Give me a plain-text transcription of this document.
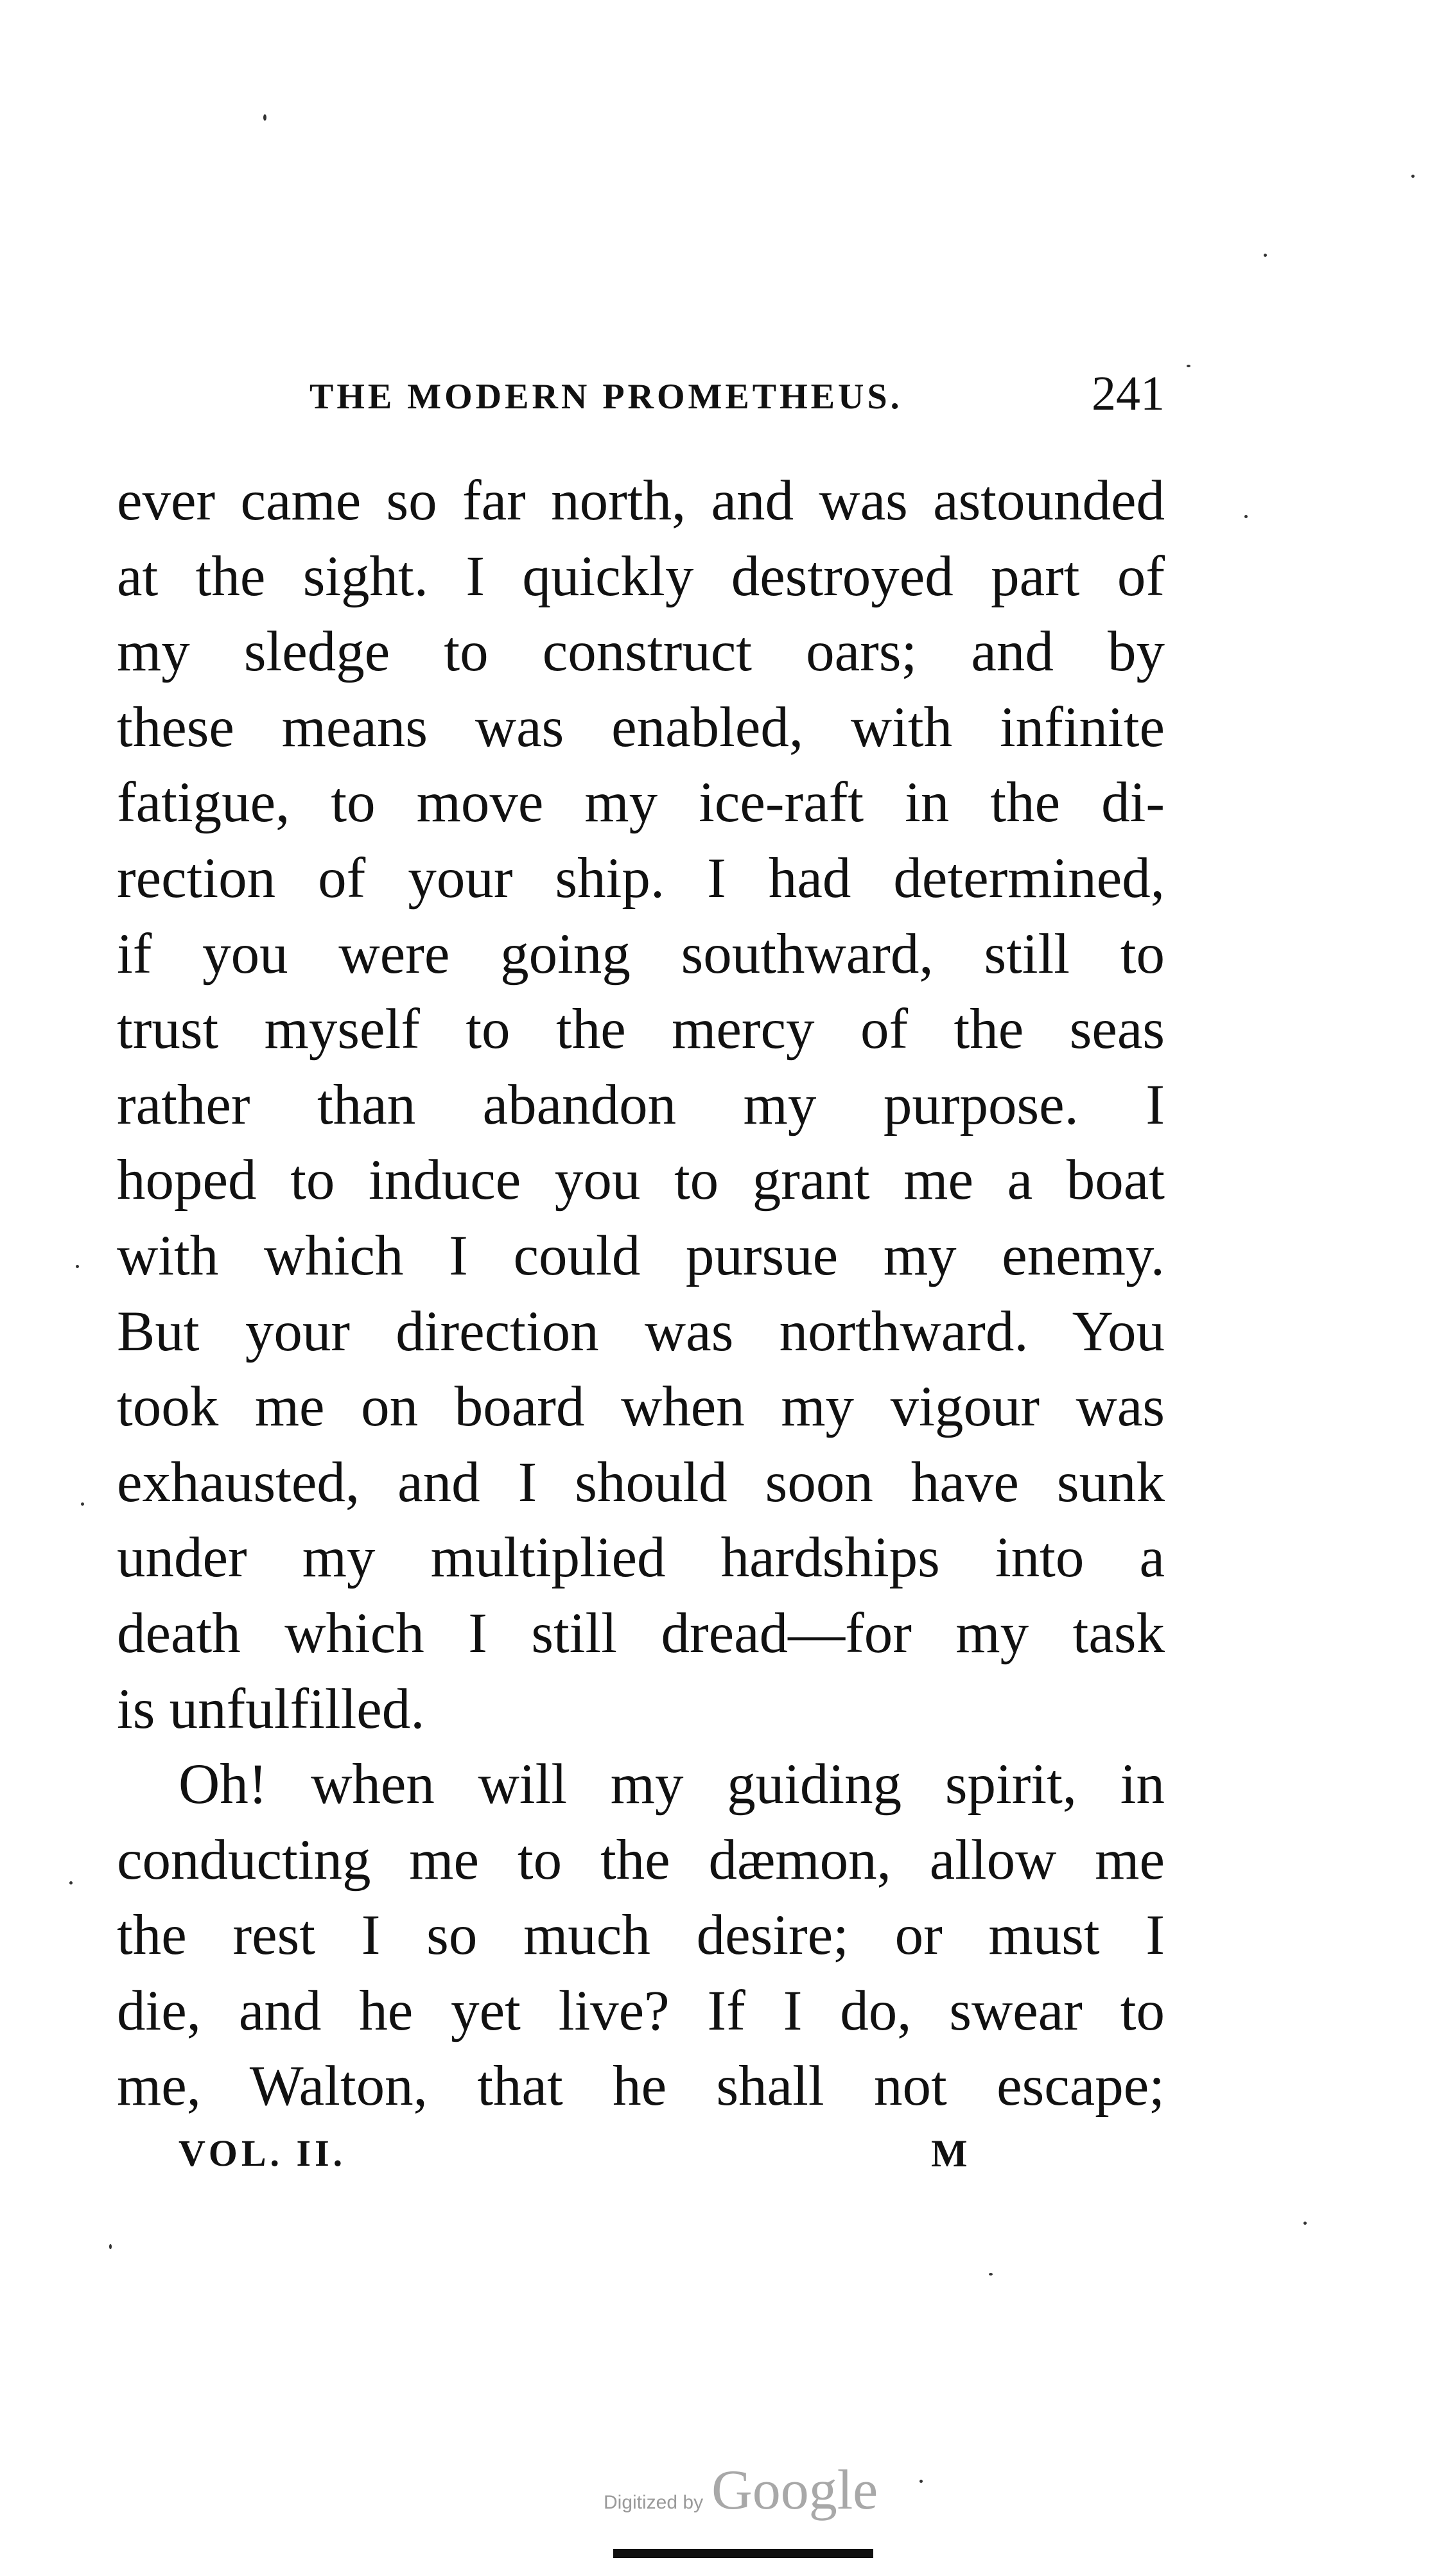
THE MODERN PROMETHEUS.	241
ever came so far north, and was astounded
at the sight. I quickly destroyed part of
my sledge to construct oars; and by
these means was enabled, with infinite
fatigue, to move my ice-raft in the di-
rection of your ship. I had determined,
if you were going southward, still to
trust myself to the mercy of the seas
rather than abandon my purpose. I
hoped to induce you to grant me a boat
with which I could pursue my enemy.
But your direction was northward. You
took me on board when my vigour was
exhausted, and I should soon have sunk
under my multiplied hardships into a
death which I still dread—for my task
is unfulfilled.
Oh! when will my guiding spirit, in
conducting me to the dæmon, allow me
the rest I so much desire; or must I
die, and he yet live? If I do, swear to
me, Walton, that he shall not escape;
VOL. II.	M
Digitized by Google
